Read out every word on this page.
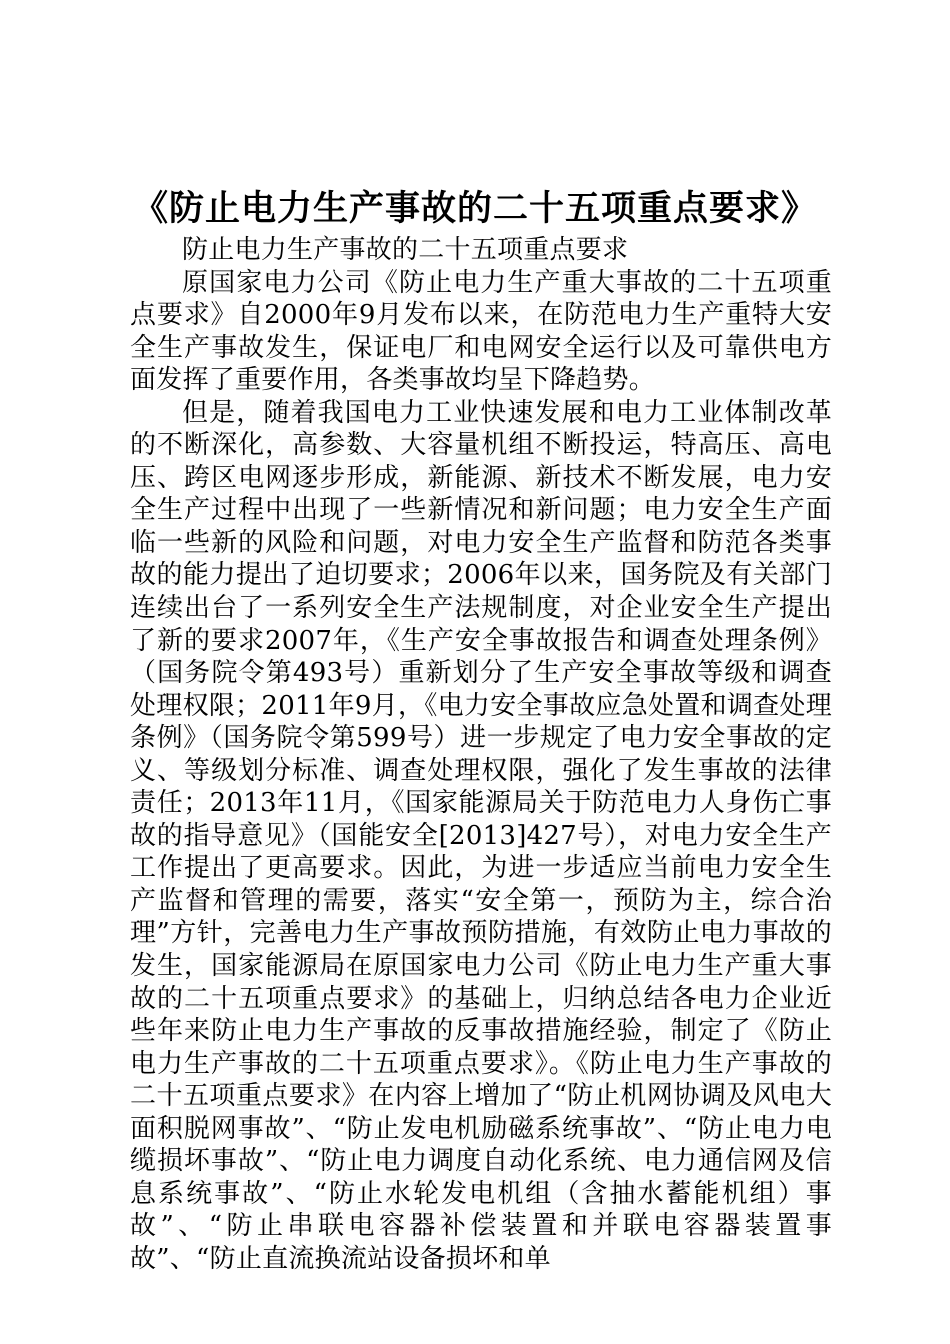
《防止电力生产事故的二十五项重点要求》

防止电力生产事故的二十五项重点要求

原国家电力公司《防止电力生产重大事故的二十五项重点要求》自2000年9月发布以来，在防范电力生产重特大安全生产事故发生，保证电厂和电网安全运行以及可靠供电方面发挥了重要作用，各类事故均呈下降趋势。

但是，随着我国电力工业快速发展和电力工业体制改革的不断深化，高参数、大容量机组不断投运，特高压、高电压、跨区电网逐步形成，新能源、新技术不断发展，电力安全生产过程中出现了一些新情况和新问题；电力安全生产面临一些新的风险和问题，对电力安全生产监督和防范各类事故的能力提出了迫切要求；2006年以来，国务院及有关部门连续出台了一系列安全生产法规制度，对企业安全生产提出了新的要求2007年，《生产安全事故报告和调查处理条例》（国务院令第493号）重新划分了生产安全事故等级和调查处理权限；2011年9月，《电力安全事故应急处置和调查处理条例》（国务院令第599号）进一步规定了电力安全事故的定义、等级划分标准、调查处理权限，强化了发生事故的法律责任；2013年11月，《国家能源局关于防范电力人身伤亡事故的指导意见》（国能安全[2013]427号），对电力安全生产工作提出了更高要求。因此，为进一步适应当前电力安全生产监督和管理的需要，落实“安全第一，预防为主，综合治理”方针，完善电力生产事故预防措施，有效防止电力事故的发生，国家能源局在原国家电力公司《防止电力生产重大事故的二十五项重点要求》的基础上，归纳总结各电力企业近些年来防止电力生产事故的反事故措施经验，制定了《防止电力生产事故的二十五项重点要求》。《防止电力生产事故的二十五项重点要求》在内容上增加了“防止机网协调及风电大面积脱网事故”、“防止发电机励磁系统事故”、“防止电力电缆损坏事故”、“防止电力调度自动化系统、电力通信网及信息系统事故”、“防止水轮发电机组（含抽水蓄能机组）事故”、“防止串联电容器补偿装置和并联电容器装置事故”、“防止直流换流站设备损坏和单
